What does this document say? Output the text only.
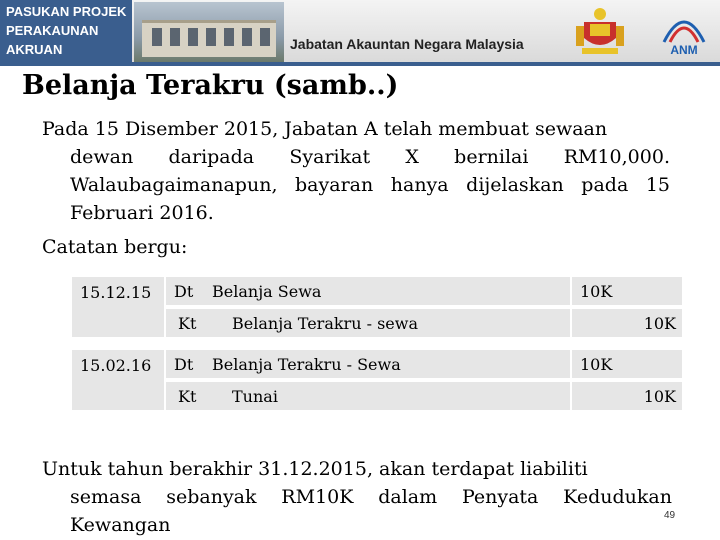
PASUKAN PROJEK
PERAKAUNAN
AKRUAN	Jabatan Akauntan Negara Malaysia	ANM
Belanja Terakru (samb..)
Pada 15 Disember 2015, Jabatan A telah membuat sewaan
dewan daripada Syarikat X bernilai RM10,000. Walaubagaimanapun, bayaran hanya dijelaskan pada 15 Februari 2016.
Catatan bergu:
15.12.15	Dt Belanja Sewa	10K
Kt Belanja Terakru - sewa	10K
15.02.16	Dt Belanja Terakru - Sewa	10K
Kt Tunai	10K
Untuk tahun berakhir 31.12.2015, akan terdapat liabiliti
semasa sebanyak RM10K dalam Penyata Kedudukan Kewangan	49
